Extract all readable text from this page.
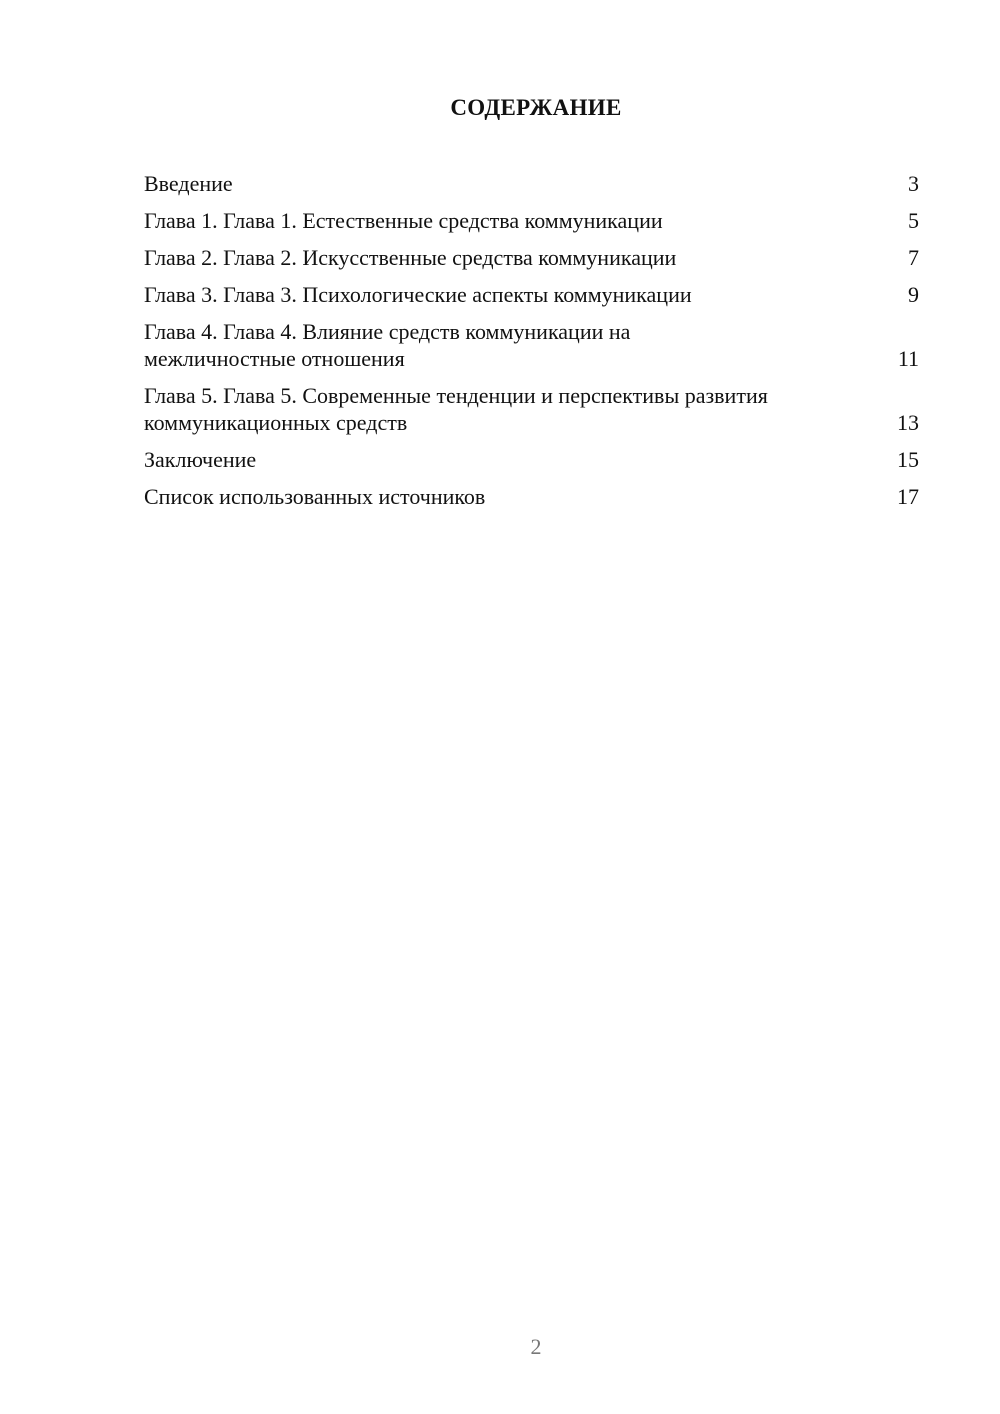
СОДЕРЖАНИЕ
Введение	3
Глава 1. Глава 1. Естественные средства коммуникации	5
Глава 2. Глава 2. Искусственные средства коммуникации	7
Глава 3. Глава 3. Психологические аспекты коммуникации	9
Глава 4. Глава 4. Влияние средств коммуникации на межличностные отношения	11
Глава 5. Глава 5. Современные тенденции и перспективы развития коммуникационных средств	13
Заключение	15
Список использованных источников	17
2
